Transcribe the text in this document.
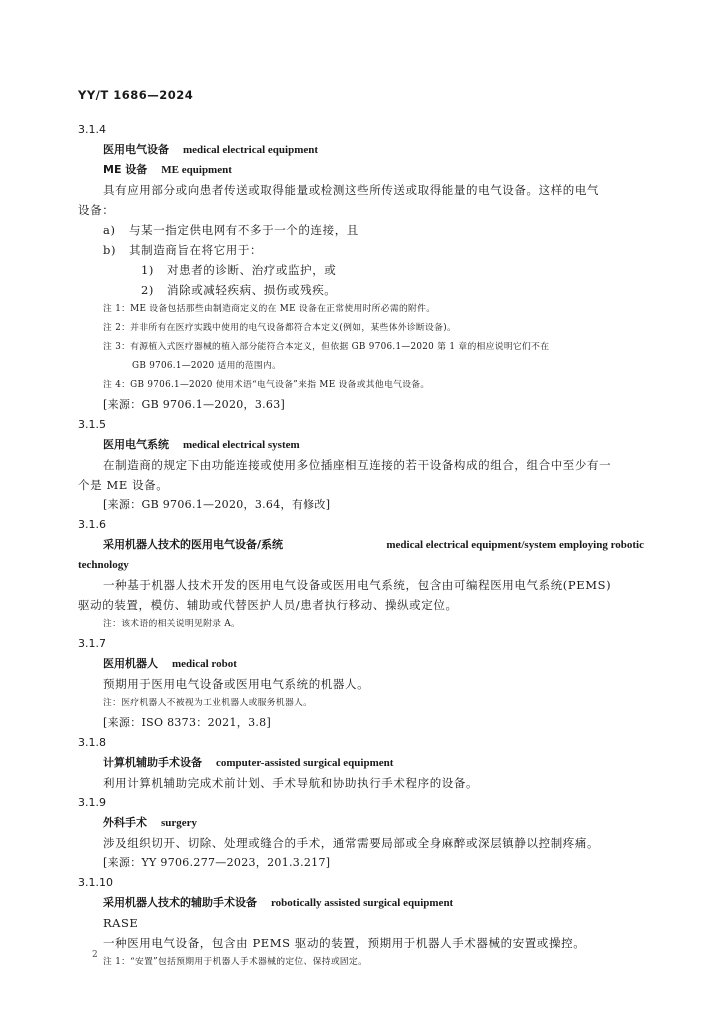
YY/T 1686—2024
3.1.4
医用电气设备 medical electrical equipment
ME 设备 ME equipment
具有应用部分或向患者传送或取得能量或检测这些所传送或取得能量的电气设备。这样的电气
设备：
a) 与某一指定供电网有不多于一个的连接，且
b) 其制造商旨在将它用于：
1) 对患者的诊断、治疗或监护，或
2) 消除或减轻疾病、损伤或残疾。
注 1：ME 设备包括那些由制造商定义的在 ME 设备在正常使用时所必需的附件。
注 2：并非所有在医疗实践中使用的电气设备都符合本定义(例如，某些体外诊断设备)。
注 3：有源植入式医疗器械的植入部分能符合本定义，但依据 GB 9706.1—2020 第 1 章的相应说明它们不在
GB 9706.1—2020 适用的范围内。
注 4：GB 9706.1—2020 使用术语“电气设备”来指 ME 设备或其他电气设备。
[来源：GB 9706.1—2020，3.63]
3.1.5
医用电气系统 medical electrical system
在制造商的规定下由功能连接或使用多位插座相互连接的若干设备构成的组合，组合中至少有一
个是 ME 设备。
[来源：GB 9706.1—2020，3.64，有修改]
3.1.6
采用机器人技术的医用电气设备/系统	medical electrical equipment/system employing robotic
technology
一种基于机器人技术开发的医用电气设备或医用电气系统，包含由可编程医用电气系统(PEMS)
驱动的装置，模仿、辅助或代替医护人员/患者执行移动、操纵或定位。
注：该术语的相关说明见附录 A。
3.1.7
医用机器人 medical robot
预期用于医用电气设备或医用电气系统的机器人。
注：医疗机器人不被视为工业机器人或服务机器人。
[来源：ISO 8373：2021，3.8]
3.1.8
计算机辅助手术设备 computer-assisted surgical equipment
利用计算机辅助完成术前计划、手术导航和协助执行手术程序的设备。
3.1.9
外科手术 surgery
涉及组织切开、切除、处理或缝合的手术，通常需要局部或全身麻醉或深层镇静以控制疼痛。
[来源：YY 9706.277—2023，201.3.217]
3.1.10
采用机器人技术的辅助手术设备 robotically assisted surgical equipment
RASE
一种医用电气设备，包含由 PEMS 驱动的装置，预期用于机器人手术器械的安置或操控。
注 1：“安置”包括预期用于机器人手术器械的定位、保持或固定。
2
